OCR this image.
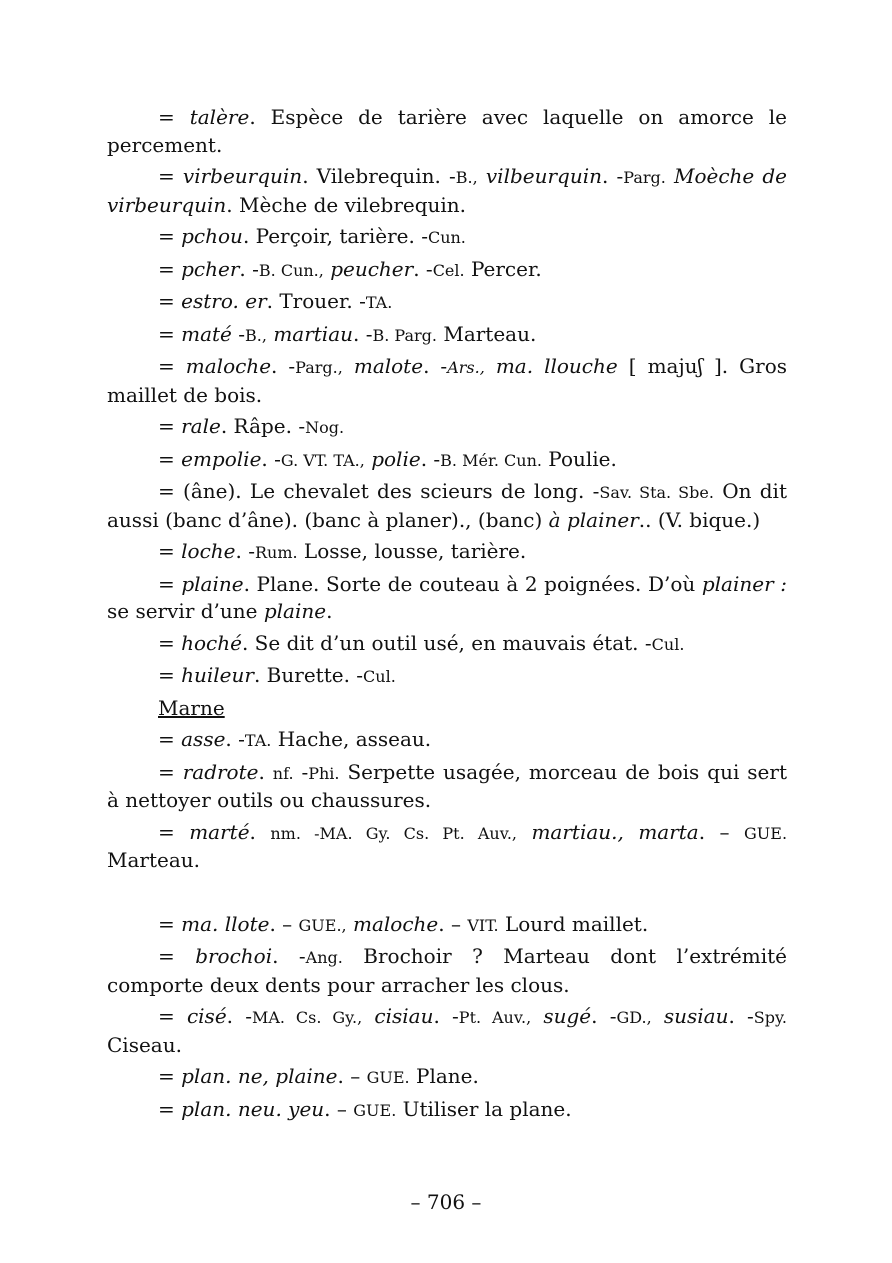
= talère. Espèce de tarière avec laquelle on amorce le percement.
= virbeurquin. Vilebrequin. -B., vilbeurquin. -Parg. Moèche de virbeurquin. Mèche de vilebrequin.
= pchou. Perçoir, tarière. -Cun.
= pcher. -B. Cun., peucher. -Cel. Percer.
= estro. er. Trouer. -TA.
= maté -B., martiau. -B. Parg. Marteau.
= maloche. -Parg., malote. -Ars., ma. llouche [ majuʃ ]. Gros maillet de bois.
= rale. Râpe. -Nog.
= empolie. -G. VT. TA., polie. -B. Mér. Cun. Poulie.
= (âne). Le chevalet des scieurs de long. -Sav. Sta. Sbe. On dit aussi (banc d’âne). (banc à planer)., (banc) à plainer.. (V. bique.)
= loche. -Rum. Losse, lousse, tarière.
= plaine. Plane. Sorte de couteau à 2 poignées. D’où plainer : se servir d’une plaine.
= hoché. Se dit d’un outil usé, en mauvais état. -Cul.
= huileur. Burette. -Cul.
Marne
= asse. -TA. Hache, asseau.
= radrote. nf. -Phi. Serpette usagée, morceau de bois qui sert à nettoyer outils ou chaussures.
= marté. nm. -MA. Gy. Cs. Pt. Auv., martiau., marta. – GUE. Marteau.
= ma. llote. – GUE., maloche. – VIT. Lourd maillet.
= brochoi. -Ang. Brochoir ? Marteau dont l’extrémité comporte deux dents pour arracher les clous.
= cisé. -MA. Cs. Gy., cisiau. -Pt. Auv., sugé. -GD., susiau. -Spy. Ciseau.
= plan. ne, plaine. – GUE. Plane.
= plan. neu. yeu. – GUE. Utiliser la plane.
– 706 –
